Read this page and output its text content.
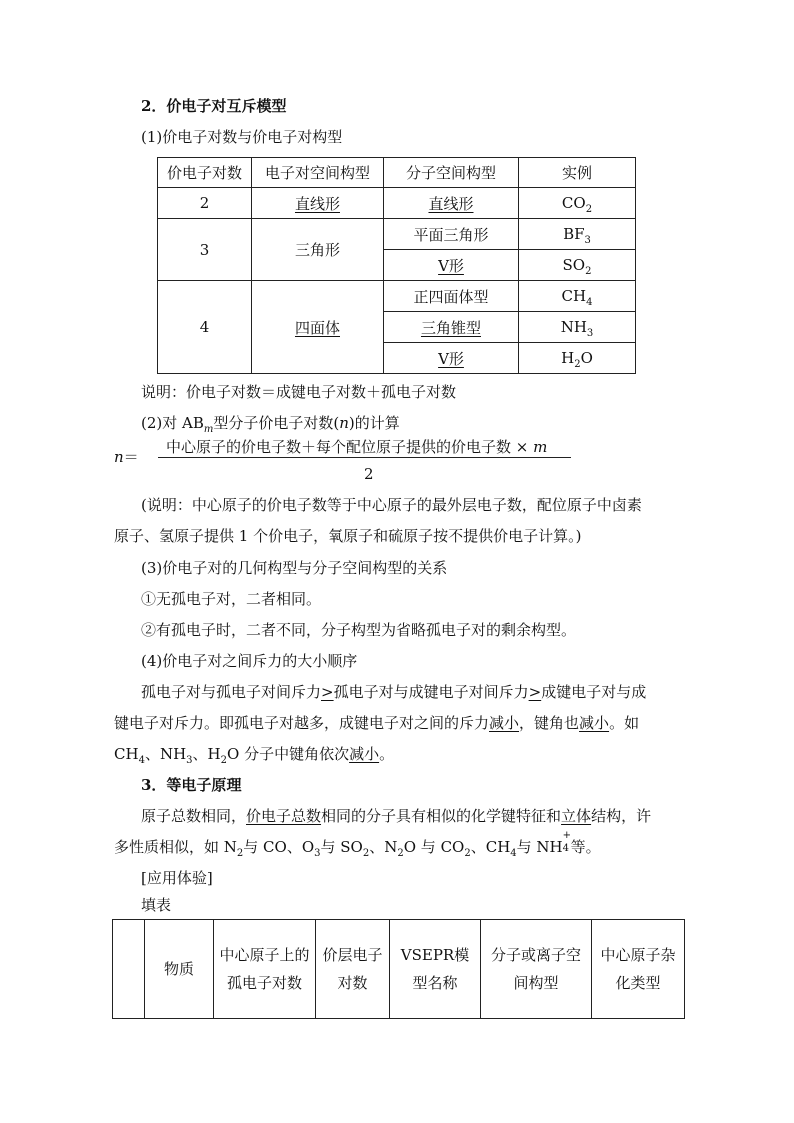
2．价电子对互斥模型
(1)价电子对数与价电子对构型
价电子对数	电子对空间构型	分子空间构型	实例
2	直线形	直线形	$CO_2$
3	三角形	平面三角形	$BF_3$
		V形	$SO_2$
4	四面体	正四面体型	$CH_4$
		三角锥型	$NH_3$
		V形	$H_2O$
说明：价电子对数＝成键电子对数＋孤电子对数
(2)对 $AB_m$型分子价电子对数(n)的计算
n＝
中心原子的价电子数＋每个配位原子提供的价电子数 × m
2
(说明：中心原子的价电子数等于中心原子的最外层电子数，配位原子中卤素
原子、氢原子提供 1 个价电子，氧原子和硫原子按不提供价电子计算。)
(3)价电子对的几何构型与分子空间构型的关系
①无孤电子对，二者相同。
②有孤电子时，二者不同，分子构型为省略孤电子对的剩余构型。
(4)价电子对之间斥力的大小顺序
孤电子对与孤电子对间斥力>孤电子对与成键电子对间斥力>成键电子对与成
键电子对斥力。即孤电子对越多，成键电子对之间的斥力减小，键角也减小。如
$CH_4$、$NH_3$、$H_2O$ 分子中键角依次减小。
3．等电子原理
原子总数相同，价电子总数相同的分子具有相似的化学键特征和立体结构，许
多性质相似，如 $N_2$与 CO、$O_3$与 $SO_2$、$N_2O$ 与 $CO_2$、$CH_4$与 NH
+
4 等。
[应用体验]
填表
	物质	中心原子上的孤电子对数	价层电子对数	VSEPR模型名称	分子或离子空间构型	中心原子杂化类型
